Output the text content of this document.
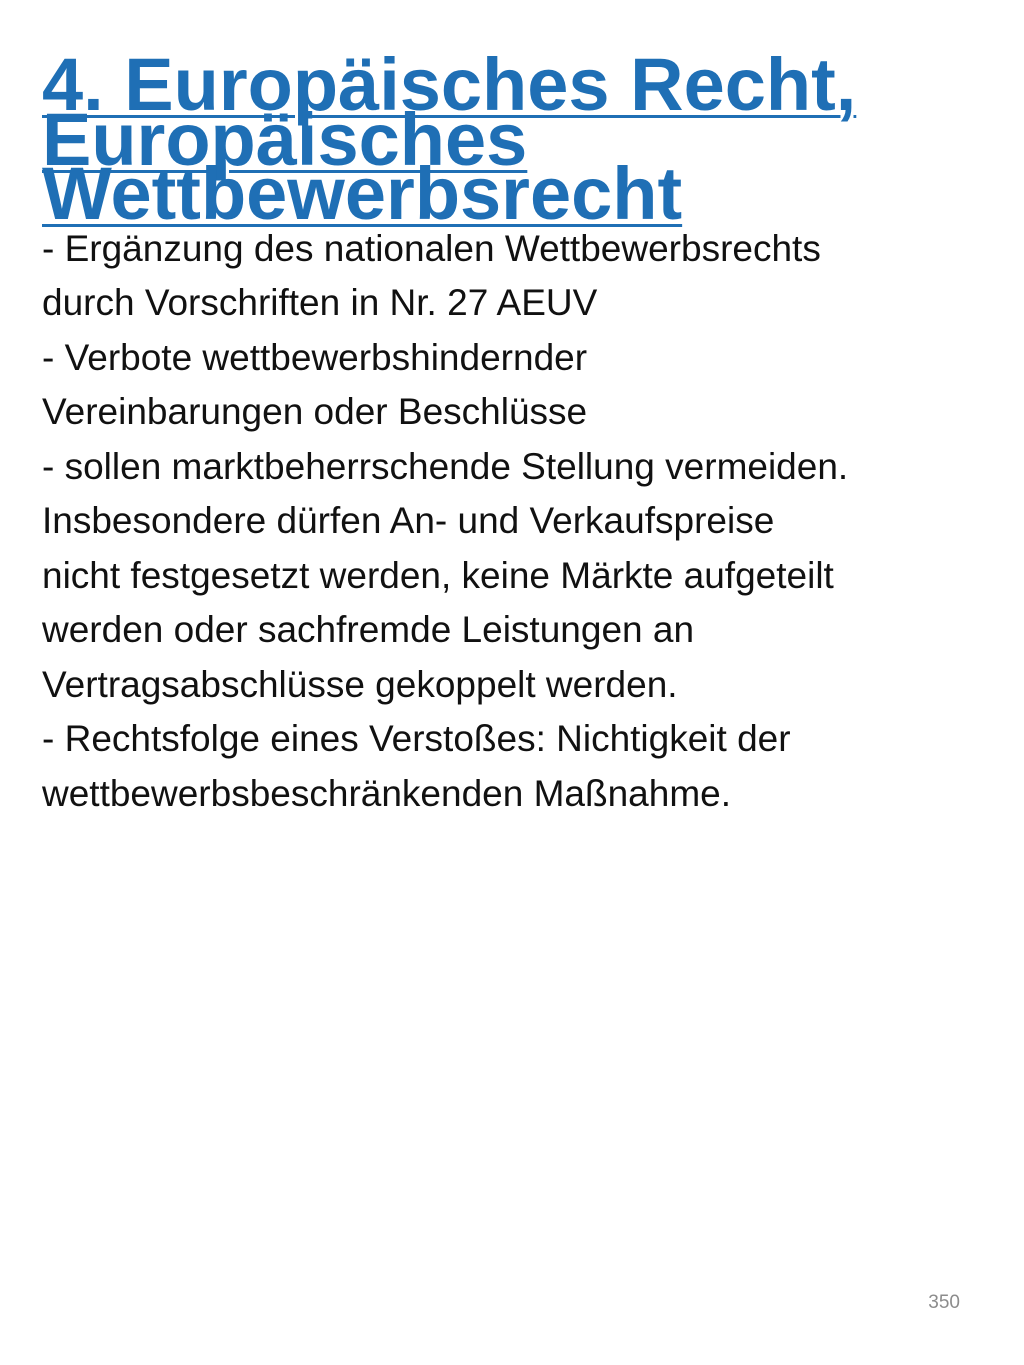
4. Europäisches Recht, Europäisches
Wettbewerbsrecht

- Ergänzung des nationalen Wettbewerbsrechts
durch Vorschriften in Nr. 27 AEUV

- Verbote wettbewerbshindernder
Vereinbarungen oder Beschlüsse

- sollen marktbeherrschende Stellung vermeiden.
Insbesondere dürfen An- und Verkaufspreise
nicht festgesetzt werden, keine Märkte aufgeteilt
werden oder sachfremde Leistungen an
Vertragsabschlüsse gekoppelt werden.

- Rechtsfolge eines Verstoßes: Nichtigkeit der
wettbewerbsbeschränkenden Maßnahme.

350
